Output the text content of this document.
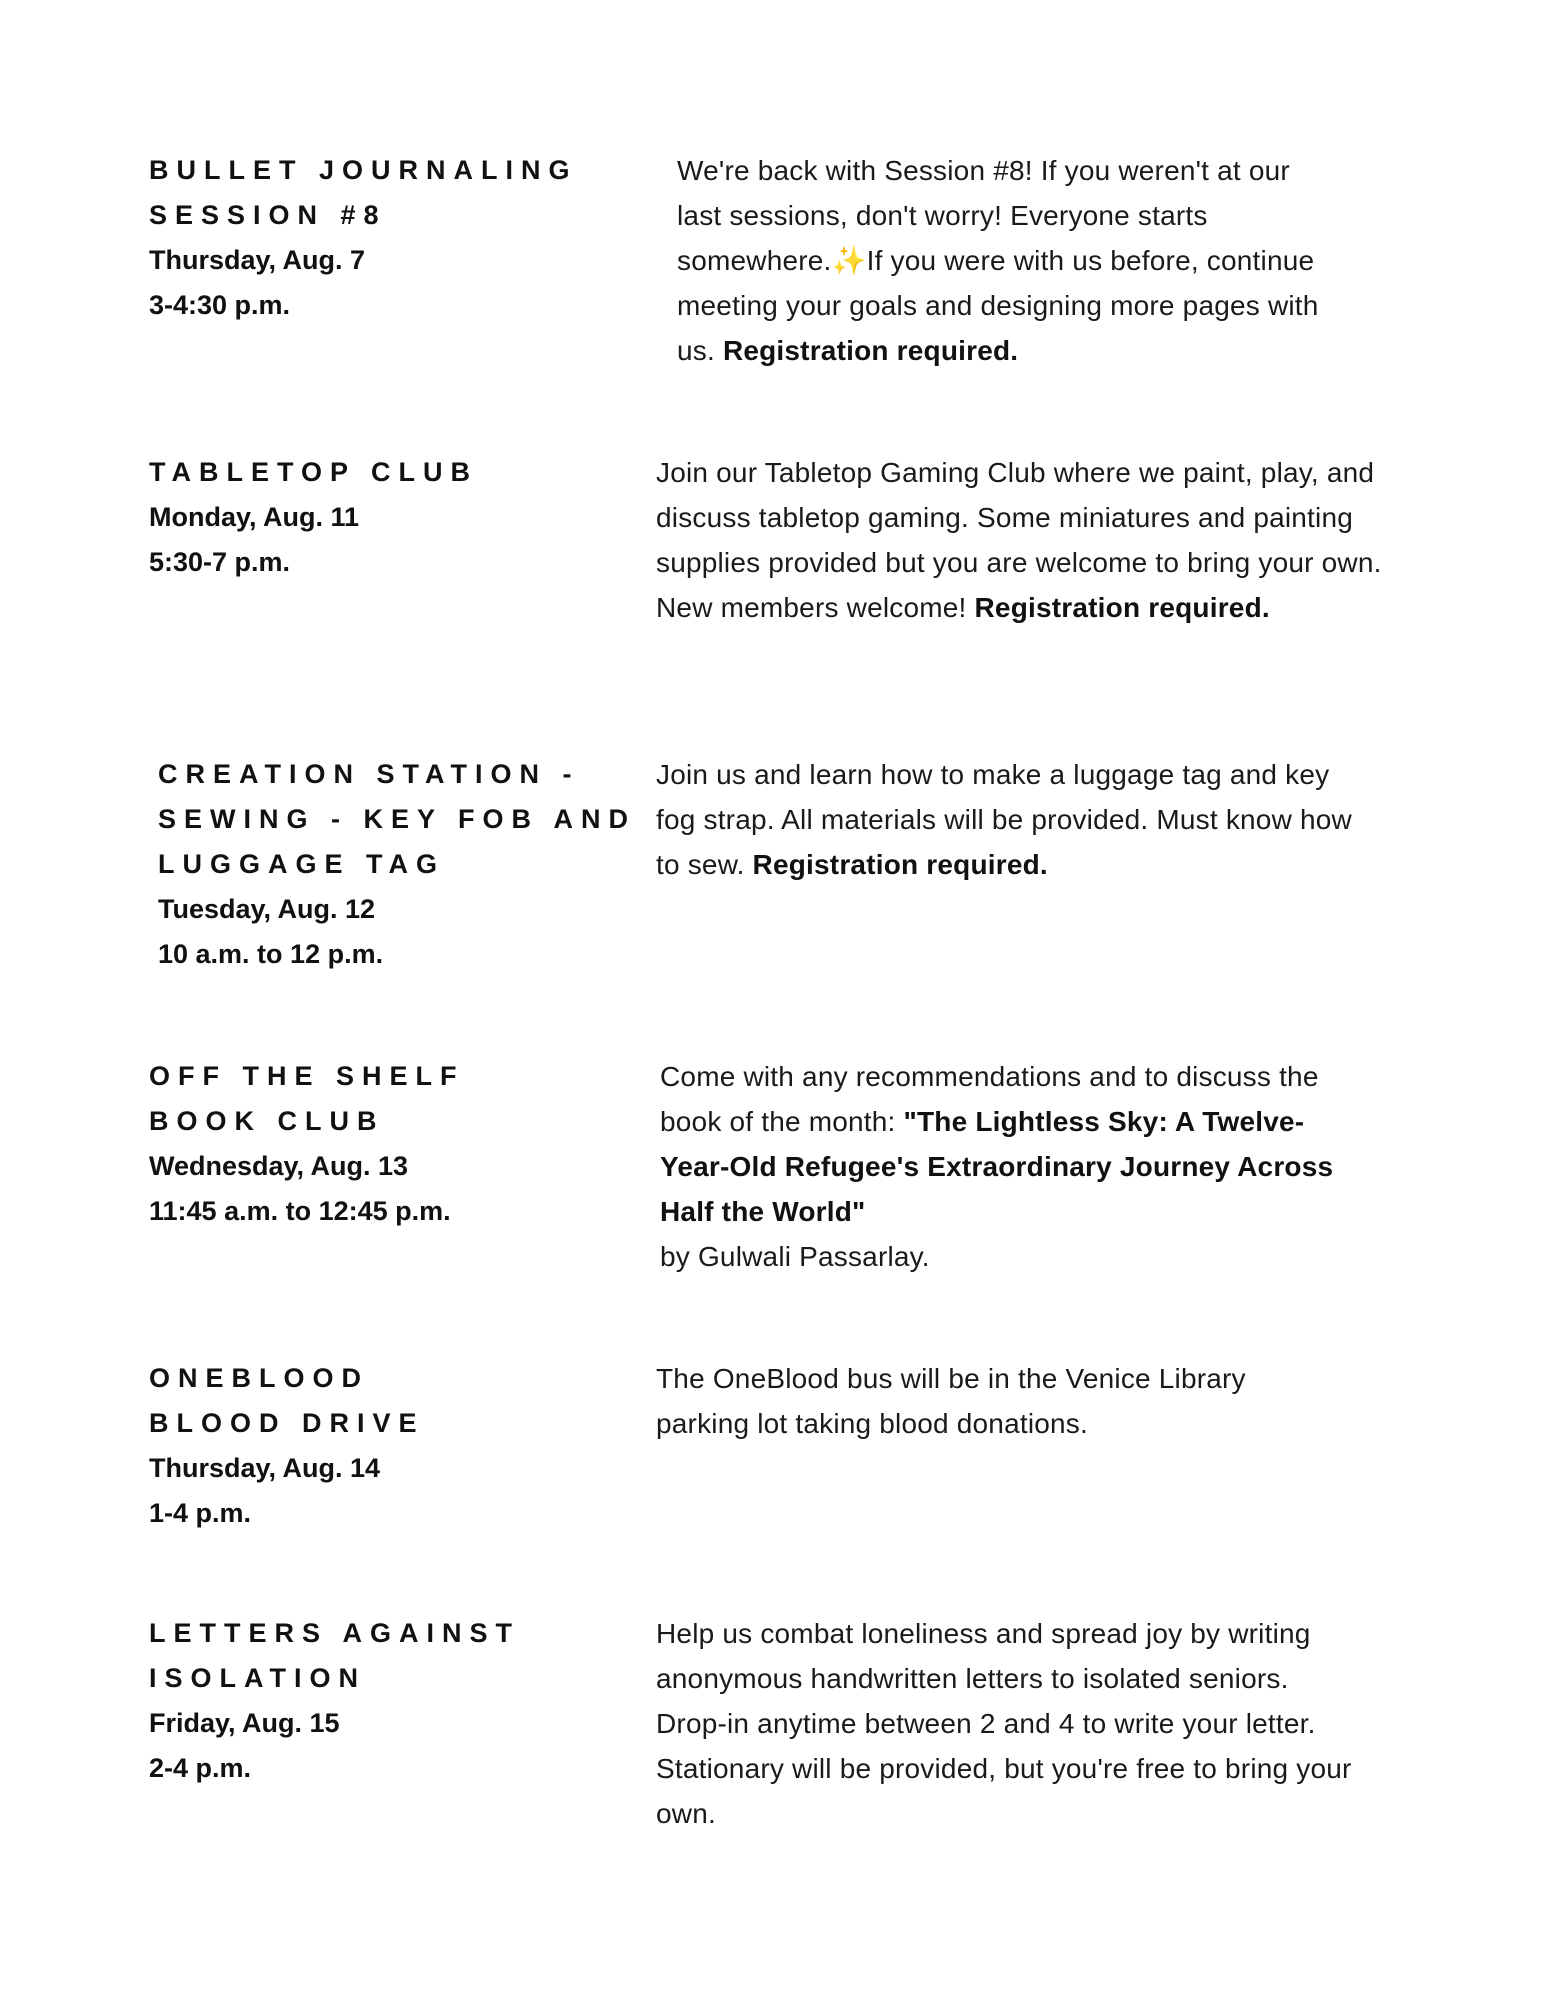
BULLET JOURNALING
SESSION #8
Thursday, Aug. 7
3-4:30 p.m.
We're back with Session #8! If you weren't at our last sessions, don't worry! Everyone starts somewhere.✨If you were with us before, continue meeting your goals and designing more pages with us. Registration required.
TABLETOP CLUB
Monday, Aug. 11
5:30-7 p.m.
Join our Tabletop Gaming Club where we paint, play, and discuss tabletop gaming. Some miniatures and painting supplies provided but you are welcome to bring your own. New members welcome! Registration required.
CREATION STATION -
SEWING - KEY FOB AND
LUGGAGE TAG
Tuesday, Aug. 12
10 a.m. to 12 p.m.
Join us and learn how to make a luggage tag and key fog strap. All materials will be provided. Must know how to sew. Registration required.
OFF THE SHELF
BOOK CLUB
Wednesday, Aug. 13
11:45 a.m. to 12:45 p.m.
Come with any recommendations and to discuss the book of the month: "The Lightless Sky: A Twelve-Year-Old Refugee's Extraordinary Journey Across Half the World"
by Gulwali Passarlay.
ONEBLOOD
BLOOD DRIVE
Thursday, Aug. 14
1-4 p.m.
The OneBlood bus will be in the Venice Library parking lot taking blood donations.
LETTERS AGAINST
ISOLATION
Friday, Aug. 15
2-4 p.m.
Help us combat loneliness and spread joy by writing anonymous handwritten letters to isolated seniors. Drop-in anytime between 2 and 4 to write your letter. Stationary will be provided, but you're free to bring your own.
